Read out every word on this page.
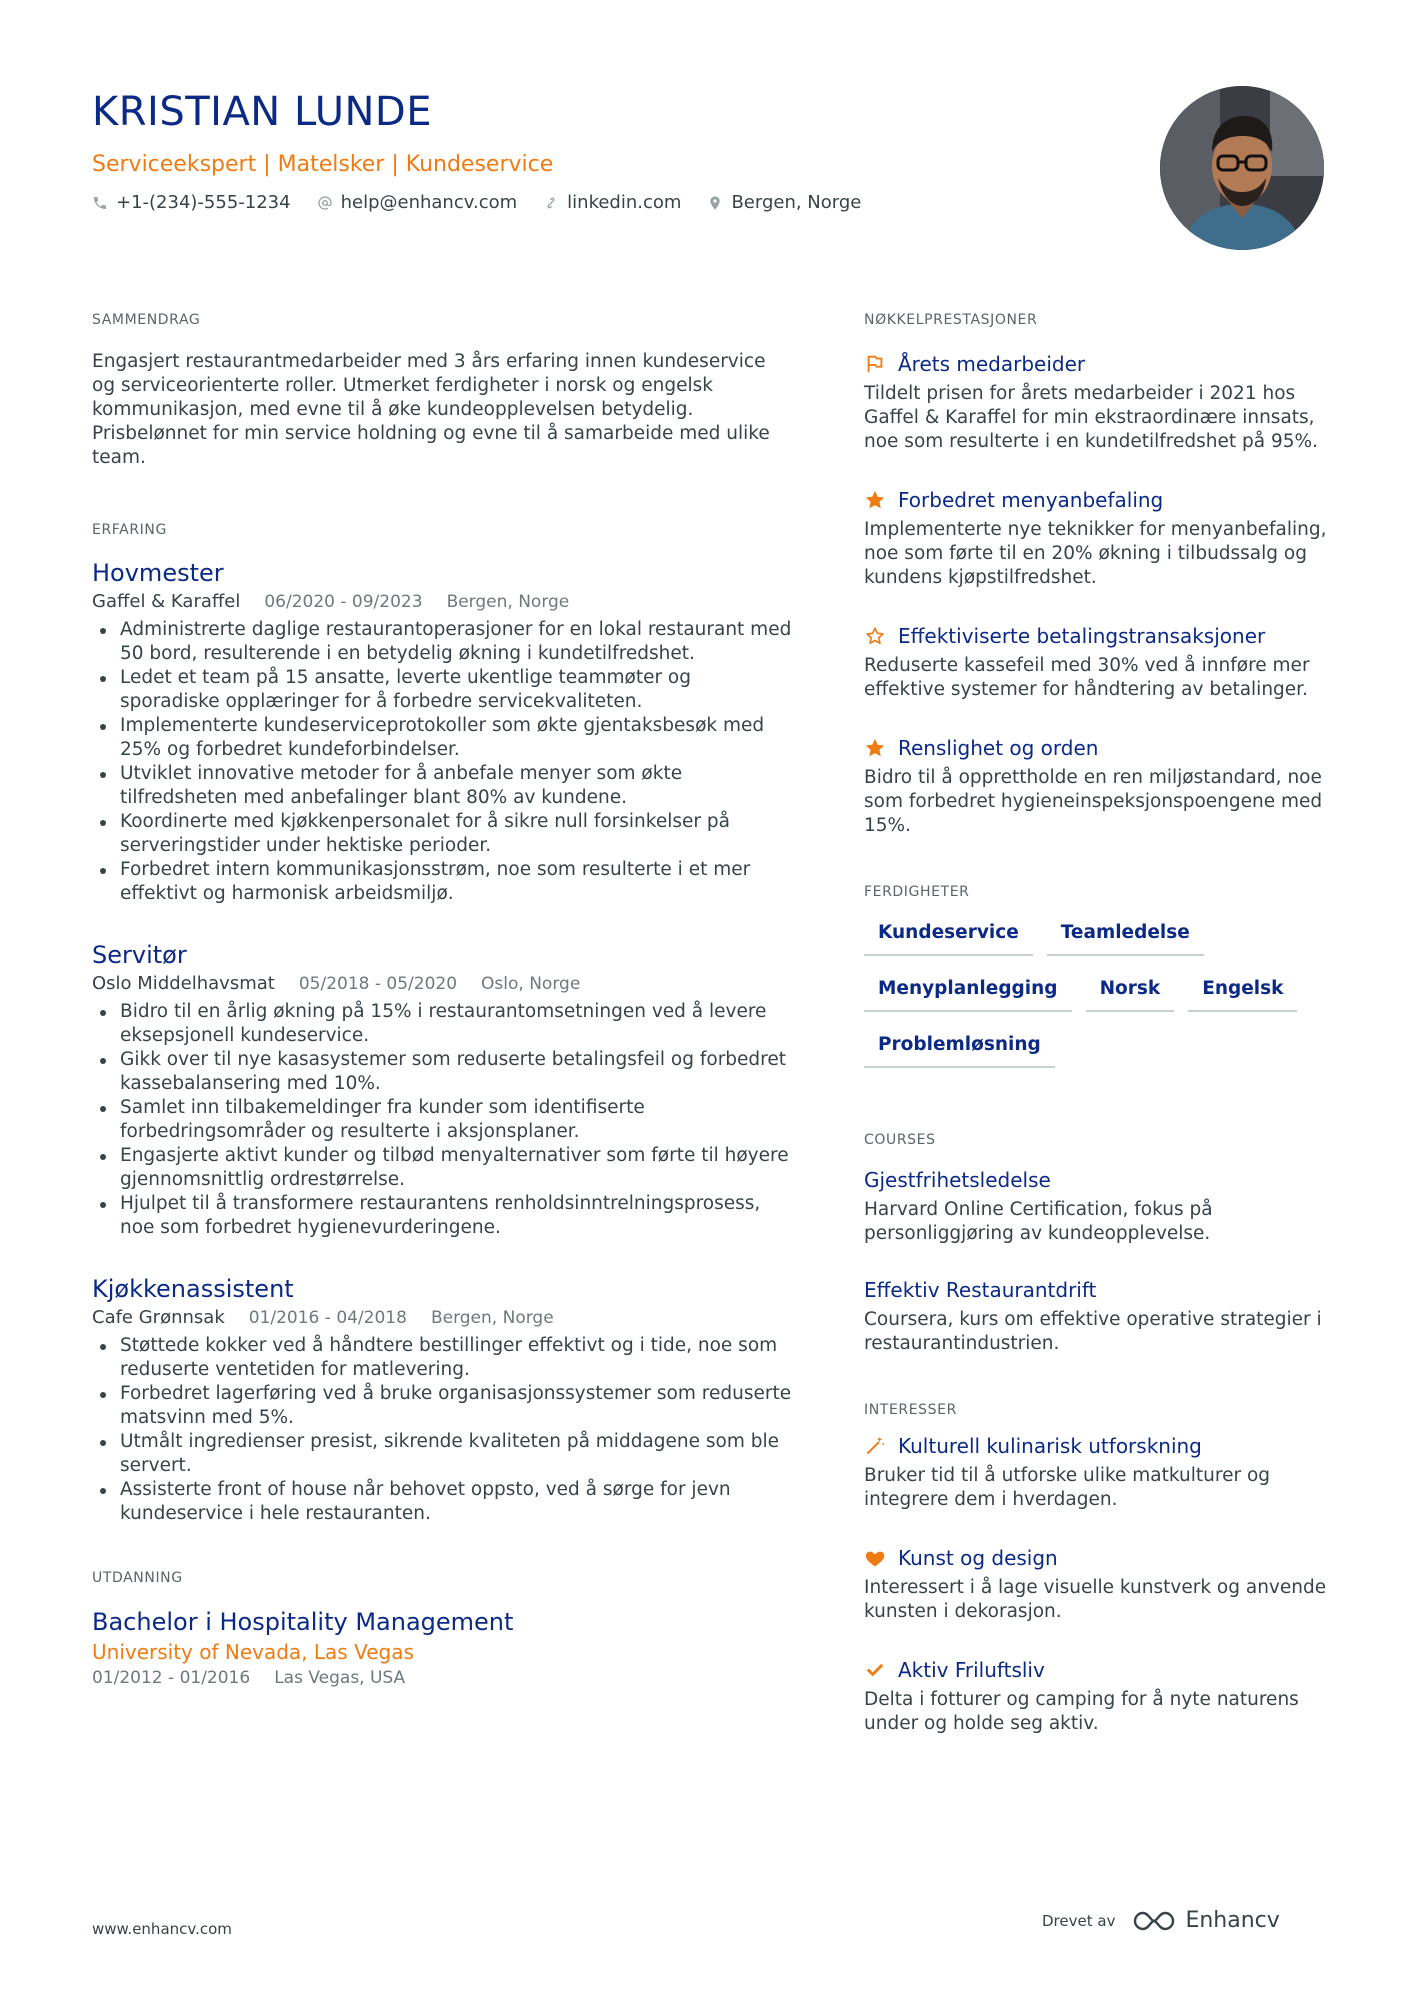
KRISTIAN LUNDE
Serviceekspert | Matelsker | Kundeservice
+1-(234)-555-1234	help@enhancv.com	linkedin.com	Bergen, Norge
SAMMENDRAG

Engasjert restaurantmedarbeider med 3 års erfaring innen kundeservice og serviceorienterte roller. Utmerket ferdigheter i norsk og engelsk kommunikasjon, med evne til å øke kundeopplevelsen betydelig. Prisbelønnet for min service holdning og evne til å samarbeide med ulike team.

ERFARING
Hovmester
Gaffel & Karaffel 06/2020 - 09/2023 Bergen, Norge
Administrerte daglige restaurantoperasjoner for en lokal restaurant med 50 bord, resulterende i en betydelig økning i kundetilfredshet.
Ledet et team på 15 ansatte, leverte ukentlige teammøter og sporadiske opplæringer for å forbedre servicekvaliteten.
Implementerte kundeserviceprotokoller som økte gjentaksbesøk med 25% og forbedret kundeforbindelser.
Utviklet innovative metoder for å anbefale menyer som økte tilfredsheten med anbefalinger blant 80% av kundene.
Koordinerte med kjøkkenpersonalet for å sikre null forsinkelser på serveringstider under hektiske perioder.
Forbedret intern kommunikasjonsstrøm, noe som resulterte i et mer effektivt og harmonisk arbeidsmiljø.
Servitør
Oslo Middelhavsmat 05/2018 - 05/2020 Oslo, Norge
Bidro til en årlig økning på 15% i restaurantomsetningen ved å levere eksepsjonell kundeservice.
Gikk over til nye kasasystemer som reduserte betalingsfeil og forbedret kassebalansering med 10%.
Samlet inn tilbakemeldinger fra kunder som identifiserte forbedringsområder og resulterte i aksjonsplaner.
Engasjerte aktivt kunder og tilbød menyalternativer som førte til høyere gjennomsnittlig ordrestørrelse.
Hjulpet til å transformere restaurantens renholdsinntrelningsprosess, noe som forbedret hygienevurderingene.
Kjøkkenassistent
Cafe Grønnsak 01/2016 - 04/2018 Bergen, Norge
Støttede kokker ved å håndtere bestillinger effektivt og i tide, noe som reduserte ventetiden for matlevering.
Forbedret lagerføring ved å bruke organisasjonssystemer som reduserte matsvinn med 5%.
Utmålt ingredienser presist, sikrende kvaliteten på middagene som ble servert.
Assisterte front of house når behovet oppsto, ved å sørge for jevn kundeservice i hele restauranten.
UTDANNING
Bachelor i Hospitality Management
University of Nevada, Las Vegas
01/2012 - 01/2016 Las Vegas, USA
NØKKELPRESTASJONER
Årets medarbeider
Tildelt prisen for årets medarbeider i 2021 hos Gaffel & Karaffel for min ekstraordinære innsats, noe som resulterte i en kundetilfredshet på 95%.
Forbedret menyanbefaling
Implementerte nye teknikker for menyanbefaling, noe som førte til en 20% økning i tilbudssalg og kundens kjøpstilfredshet.
Effektiviserte betalingstransaksjoner
Reduserte kassefeil med 30% ved å innføre mer effektive systemer for håndtering av betalinger.
Renslighet og orden
Bidro til å opprettholde en ren miljøstandard, noe som forbedret hygieneinspeksjonspoengene med 15%.
FERDIGHETER
Kundeservice	Teamledelse
Menyplanlegging	Norsk	Engelsk
Problemløsning
COURSES
Gjestfrihetsledelse
Harvard Online Certification, fokus på personliggjøring av kundeopplevelse.
Effektiv Restaurantdrift
Coursera, kurs om effektive operative strategier i restaurantindustrien.
INTERESSER
Kulturell kulinarisk utforskning
Bruker tid til å utforske ulike matkulturer og integrere dem i hverdagen.
Kunst og design
Interessert i å lage visuelle kunstverk og anvende kunsten i dekorasjon.
Aktiv Friluftsliv
Delta i fotturer og camping for å nyte naturens under og holde seg aktiv.
www.enhancv.com	Drevet av	Enhancv
